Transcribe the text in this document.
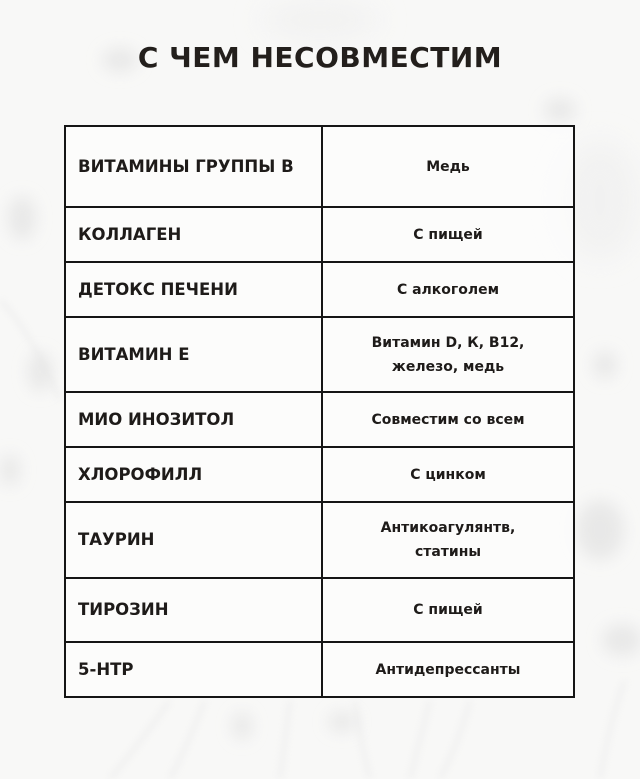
С ЧЕМ НЕСОВМЕСТИМ
ВИТАМИНЫ ГРУППЫ В	Медь
КОЛЛАГЕН	С пищей
ДЕТОКС ПЕЧЕНИ	С алкоголем
ВИТАМИН Е	Витамин D, К, В12, железо, медь
МИО ИНОЗИТОЛ	Совместим со всем
ХЛОРОФИЛЛ	С цинком
ТАУРИН	Антикоагулянтв, статины
ТИРОЗИН	С пищей
5-HTP	Антидепрессанты
